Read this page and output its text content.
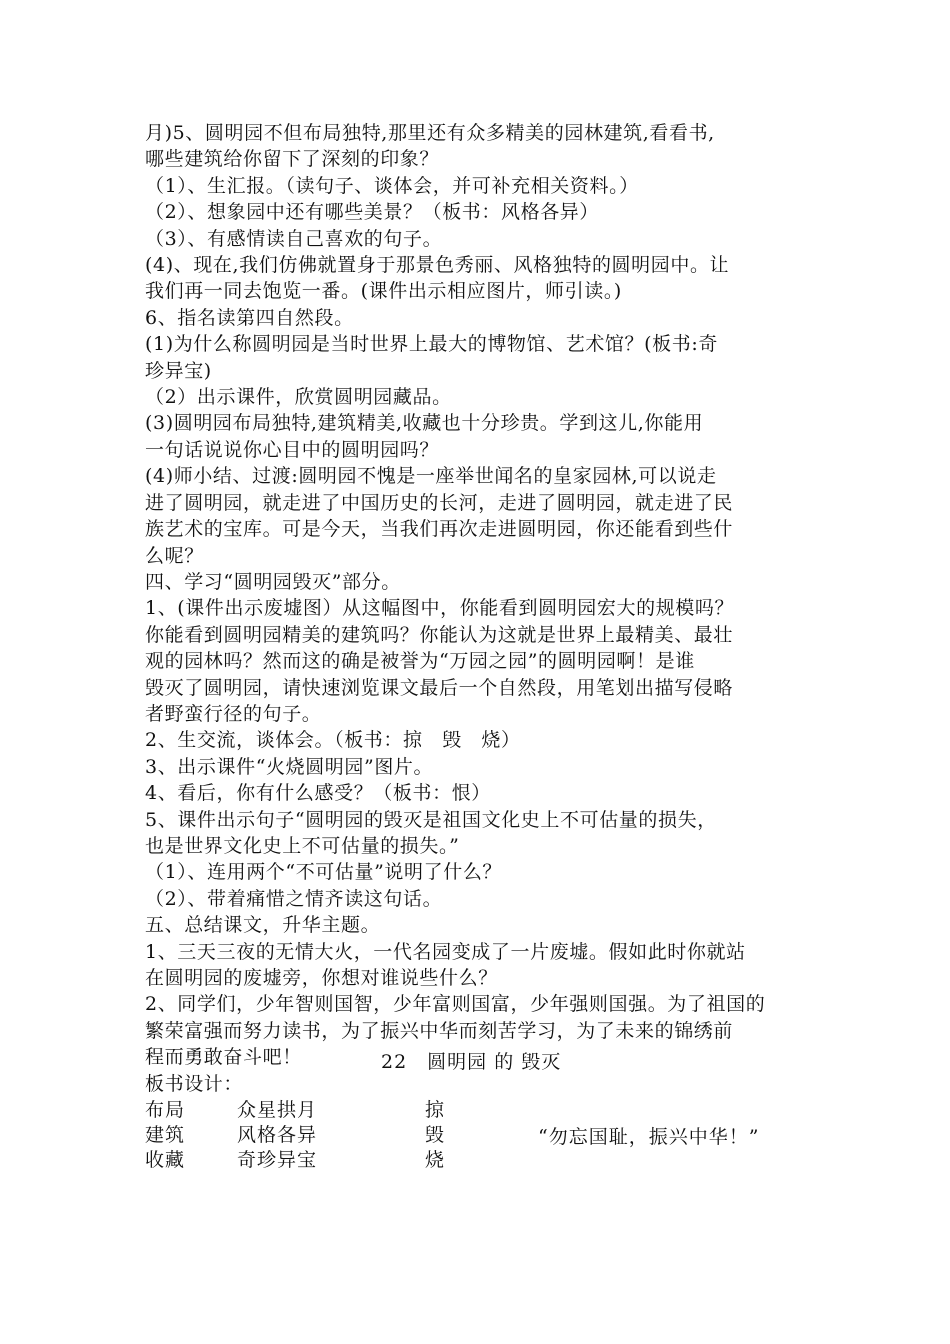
月)5、圆明园不但布局独特,那里还有众多精美的园林建筑,看看书,
哪些建筑给你留下了深刻的印象？
（1）、生汇报。（读句子、谈体会，并可补充相关资料。）
（2）、想象园中还有哪些美景？（板书：风格各异）
（3）、有感情读自己喜欢的句子。
(4)、现在,我们仿佛就置身于那景色秀丽、风格独特的圆明园中。让
我们再一同去饱览一番。(课件出示相应图片，师引读。)
6、指名读第四自然段。
(1)为什么称圆明园是当时世界上最大的博物馆、艺术馆？(板书:奇
珍异宝)
（2）出示课件，欣赏圆明园藏品。
(3)圆明园布局独特,建筑精美,收藏也十分珍贵。学到这儿,你能用
一句话说说你心目中的圆明园吗？
(4)师小结、过渡:圆明园不愧是一座举世闻名的皇家园林,可以说走
进了圆明园，就走进了中国历史的长河，走进了圆明园，就走进了民
族艺术的宝库。可是今天，当我们再次走进圆明园，你还能看到些什
么呢？
四、学习“圆明园毁灭”部分。
1、(课件出示废墟图）从这幅图中，你能看到圆明园宏大的规模吗？
你能看到圆明园精美的建筑吗？你能认为这就是世界上最精美、最壮
观的园林吗？然而这的确是被誉为“万园之园”的圆明园啊！是谁
毁灭了圆明园，请快速浏览课文最后一个自然段，用笔划出描写侵略
者野蛮行径的句子。
2、生交流，谈体会。（板书：掠　毁　烧）
3、出示课件“火烧圆明园”图片。
4、看后，你有什么感受？（板书：恨）
5、课件出示句子“圆明园的毁灭是祖国文化史上不可估量的损失，
也是世界文化史上不可估量的损失。”
（1）、连用两个“不可估量”说明了什么？
（2）、带着痛惜之情齐读这句话。
五、总结课文，升华主题。
1、三天三夜的无情大火，一代名园变成了一片废墟。假如此时你就站
在圆明园的废墟旁，你想对谁说些什么？
2、同学们，少年智则国智，少年富则国富，少年强则国强。为了祖国的
繁荣富强而努力读书，为了振兴中华而刻苦学习，为了未来的锦绣前
程而勇敢奋斗吧！
板书设计：
22　圆明园 的 毁灭
布局	众星拱月	掠
建筑	风格各异	毁
收藏	奇珍异宝	烧
“勿忘国耻，振兴中华！”
